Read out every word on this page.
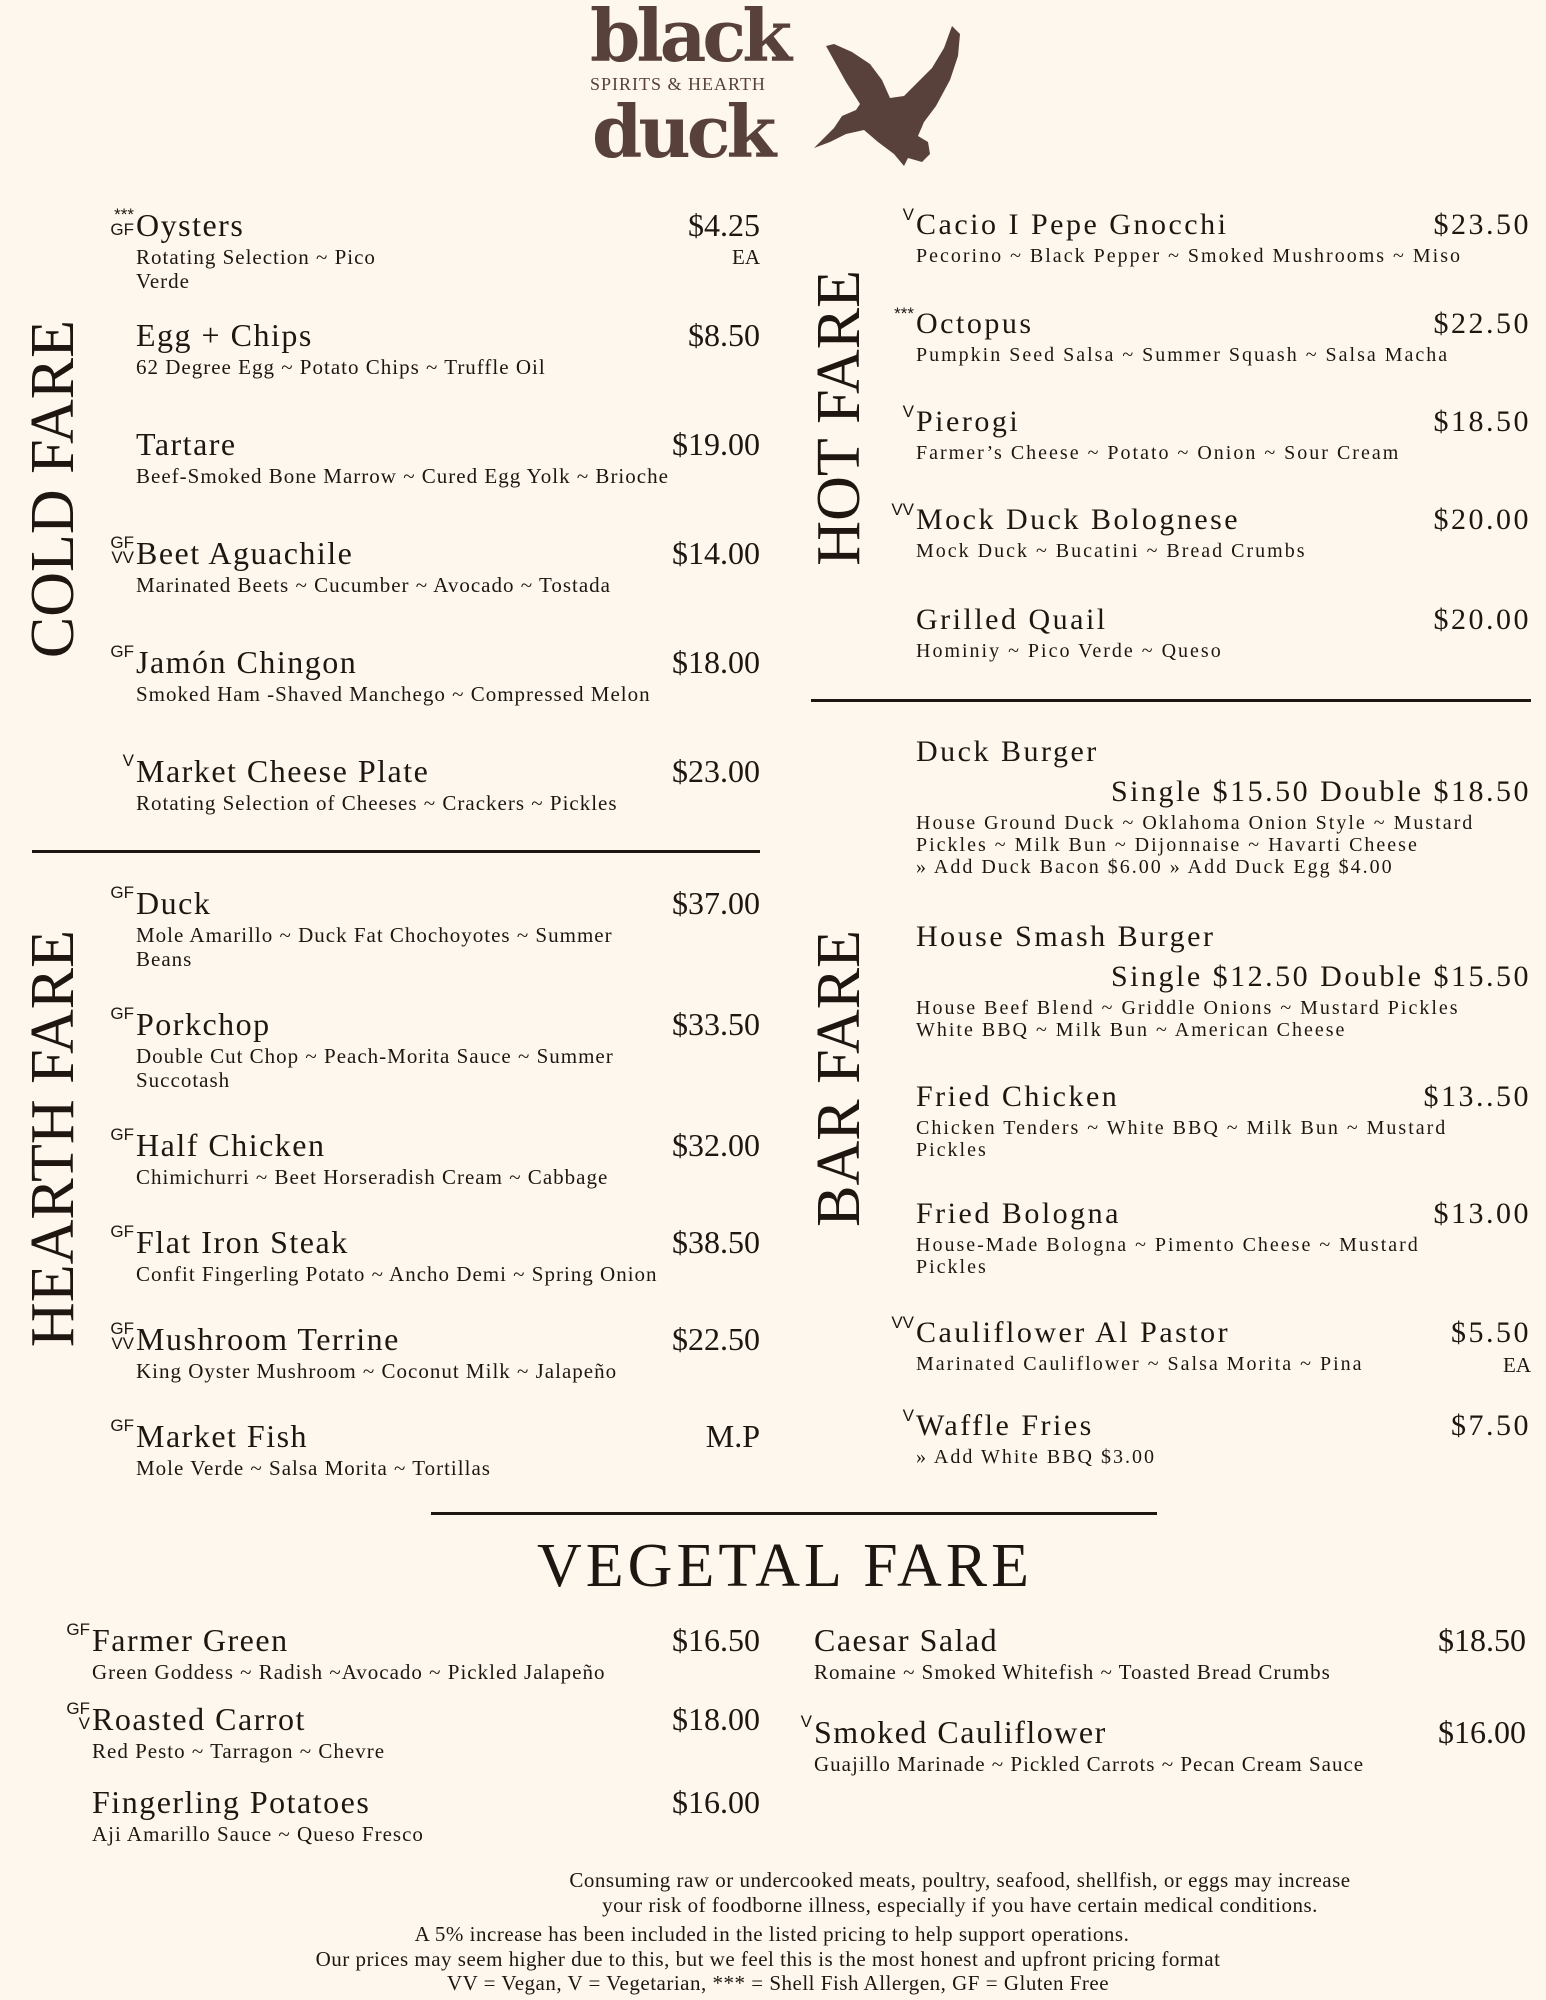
black
SPIRITS & HEARTH
duck
COLD FARE
HEARTH FARE
HOT FARE
BAR FARE
VEGETAL FARE
***
GF Oysters	$4.25
Rotating Selection ~ Pico
Verde
EA
Egg + Chips	$8.50
62 Degree Egg ~ Potato Chips ~ Truffle Oil
Tartare	$19.00
Beef-Smoked Bone Marrow ~ Cured Egg Yolk ~ Brioche
GF
VV Beet Aguachile	$14.00
Marinated Beets ~ Cucumber ~ Avocado ~ Tostada
GF Jamón Chingon	$18.00
Smoked Ham -Shaved Manchego ~ Compressed Melon
V Market Cheese Plate	$23.00
Rotating Selection of Cheeses ~ Crackers ~ Pickles
GF Duck	$37.00
Mole Amarillo ~ Duck Fat Chochoyotes ~ Summer
Beans
GF Porkchop	$33.50
Double Cut Chop ~ Peach-Morita Sauce ~ Summer
Succotash
GF Half Chicken	$32.00
Chimichurri ~ Beet Horseradish Cream ~ Cabbage
GF Flat Iron Steak	$38.50
Confit Fingerling Potato ~ Ancho Demi ~ Spring Onion
GF
VV Mushroom Terrine	$22.50
King Oyster Mushroom ~ Coconut Milk ~ Jalapeño
GF Market Fish	M.P
Mole Verde ~ Salsa Morita ~ Tortillas
V Cacio I Pepe Gnocchi	$23.50
Pecorino ~ Black Pepper ~ Smoked Mushrooms ~ Miso
*** Octopus	$22.50
Pumpkin Seed Salsa ~ Summer Squash ~ Salsa Macha
V Pierogi	$18.50
Farmer’s Cheese ~ Potato ~ Onion ~ Sour Cream
VV Mock Duck Bolognese	$20.00
Mock Duck ~ Bucatini ~ Bread Crumbs
Grilled Quail	$20.00
Hominiy ~ Pico Verde ~ Queso
Duck Burger
Single $15.50 Double $18.50
House Ground Duck ~ Oklahoma Onion Style ~ Mustard
Pickles ~ Milk Bun ~ Dijonnaise ~ Havarti Cheese
» Add Duck Bacon $6.00 » Add Duck Egg $4.00
House Smash Burger
Single $12.50 Double $15.50
House Beef Blend ~ Griddle Onions ~ Mustard Pickles
White BBQ ~ Milk Bun ~ American Cheese
Fried Chicken	$13..50
Chicken Tenders ~ White BBQ ~ Milk Bun ~ Mustard
Pickles
Fried Bologna	$13.00
House-Made Bologna ~ Pimento Cheese ~ Mustard
Pickles
VV Cauliflower Al Pastor	$5.50
Marinated Cauliflower ~ Salsa Morita ~ Pina	EA
V Waffle Fries	$7.50
» Add White BBQ $3.00
GF Farmer Green	$16.50
Green Goddess ~ Radish ~Avocado ~ Pickled Jalapeño
GF
V Roasted Carrot	$18.00
Red Pesto ~ Tarragon ~ Chevre
Fingerling Potatoes	$16.00
Aji Amarillo Sauce ~ Queso Fresco
Caesar Salad	$18.50
Romaine ~ Smoked Whitefish ~ Toasted Bread Crumbs
V Smoked Cauliflower	$16.00
Guajillo Marinade ~ Pickled Carrots ~ Pecan Cream Sauce
Consuming raw or undercooked meats, poultry, seafood, shellfish, or eggs may increase
your risk of foodborne illness, especially if you have certain medical conditions.
A 5% increase has been included in the listed pricing to help support operations.
Our prices may seem higher due to this, but we feel this is the most honest and upfront pricing format
VV = Vegan, V = Vegetarian, *** = Shell Fish Allergen, GF = Gluten Free
